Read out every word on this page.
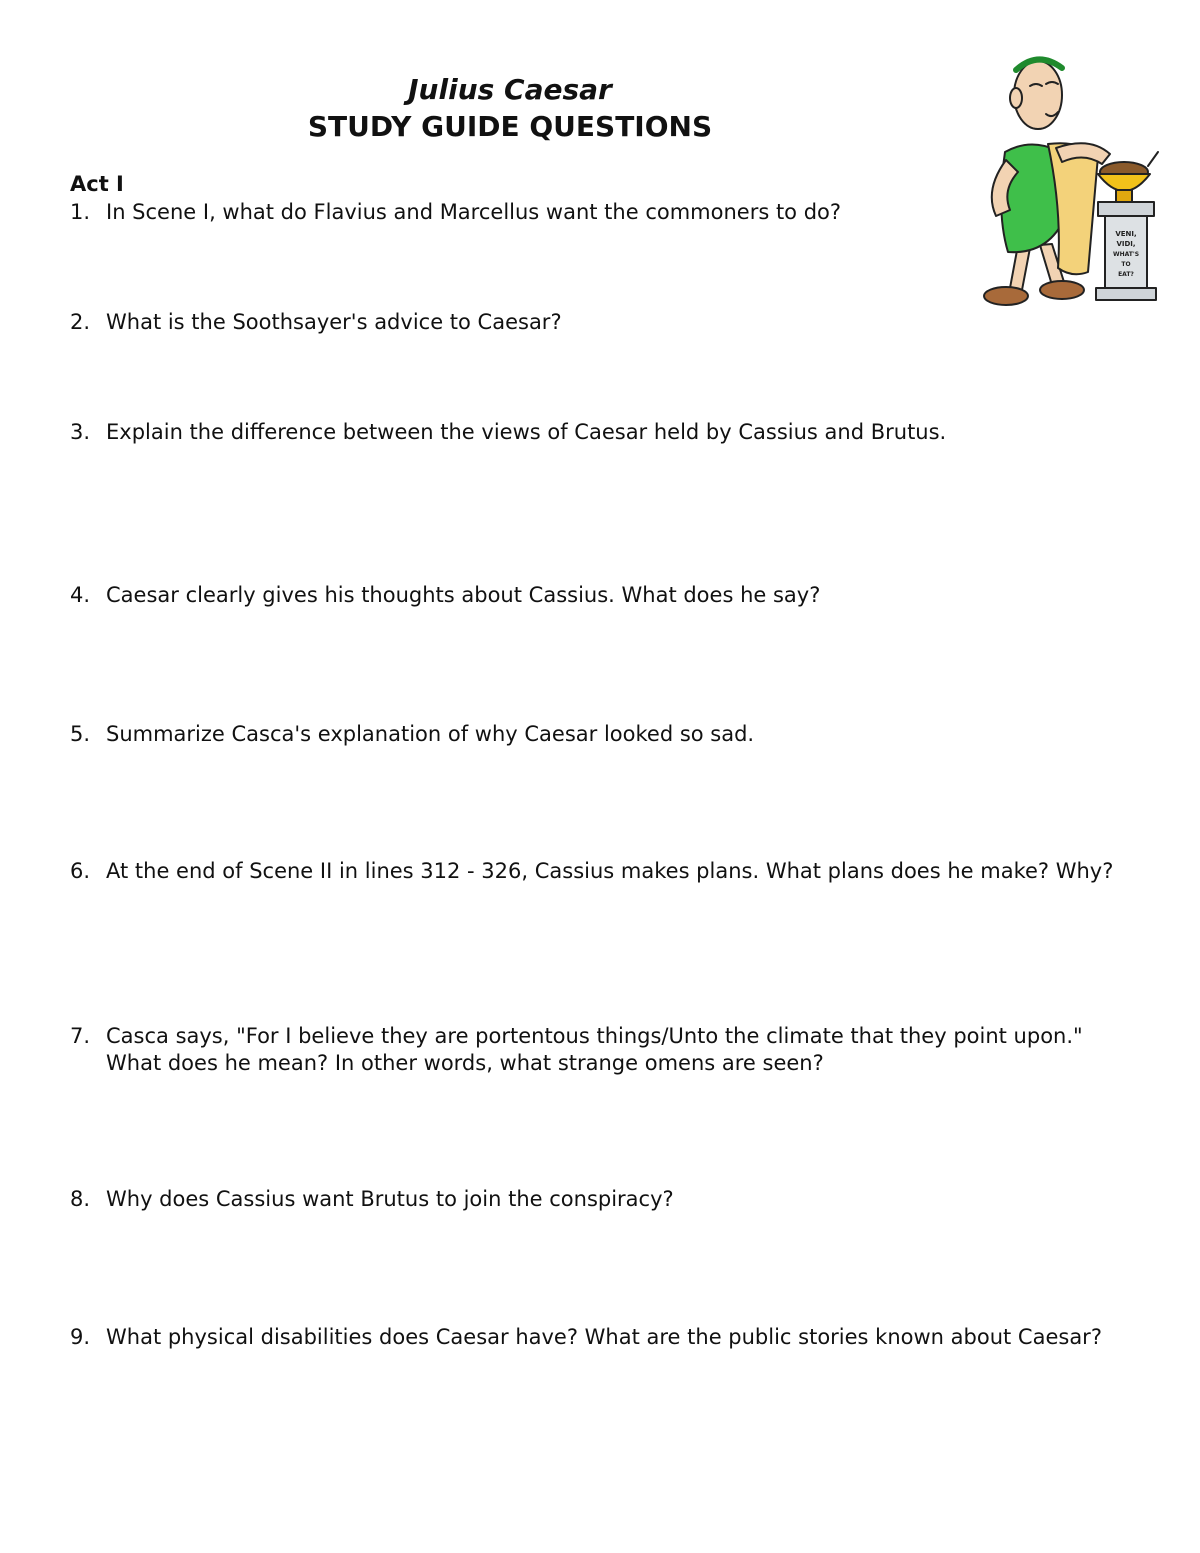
Julius Caesar
STUDY GUIDE QUESTIONS
Act I
1. In Scene I, what do Flavius and Marcellus want the commoners to do?
2. What is the Soothsayer's advice to Caesar?
3. Explain the difference between the views of Caesar held by Cassius and Brutus.
4. Caesar clearly gives his thoughts about Cassius. What does he say?
5. Summarize Casca's explanation of why Caesar looked so sad.
6. At the end of Scene II in lines 312 - 326, Cassius makes plans. What plans does he make? Why?
7. Casca says, "For I believe they are portentous things/Unto the climate that they point upon." What does he mean? In other words, what strange omens are seen?
8. Why does Cassius want Brutus to join the conspiracy?
9. What physical disabilities does Caesar have? What are the public stories known about Caesar?
VENI,
VIDI,
WHAT'S
TO
EAT?
